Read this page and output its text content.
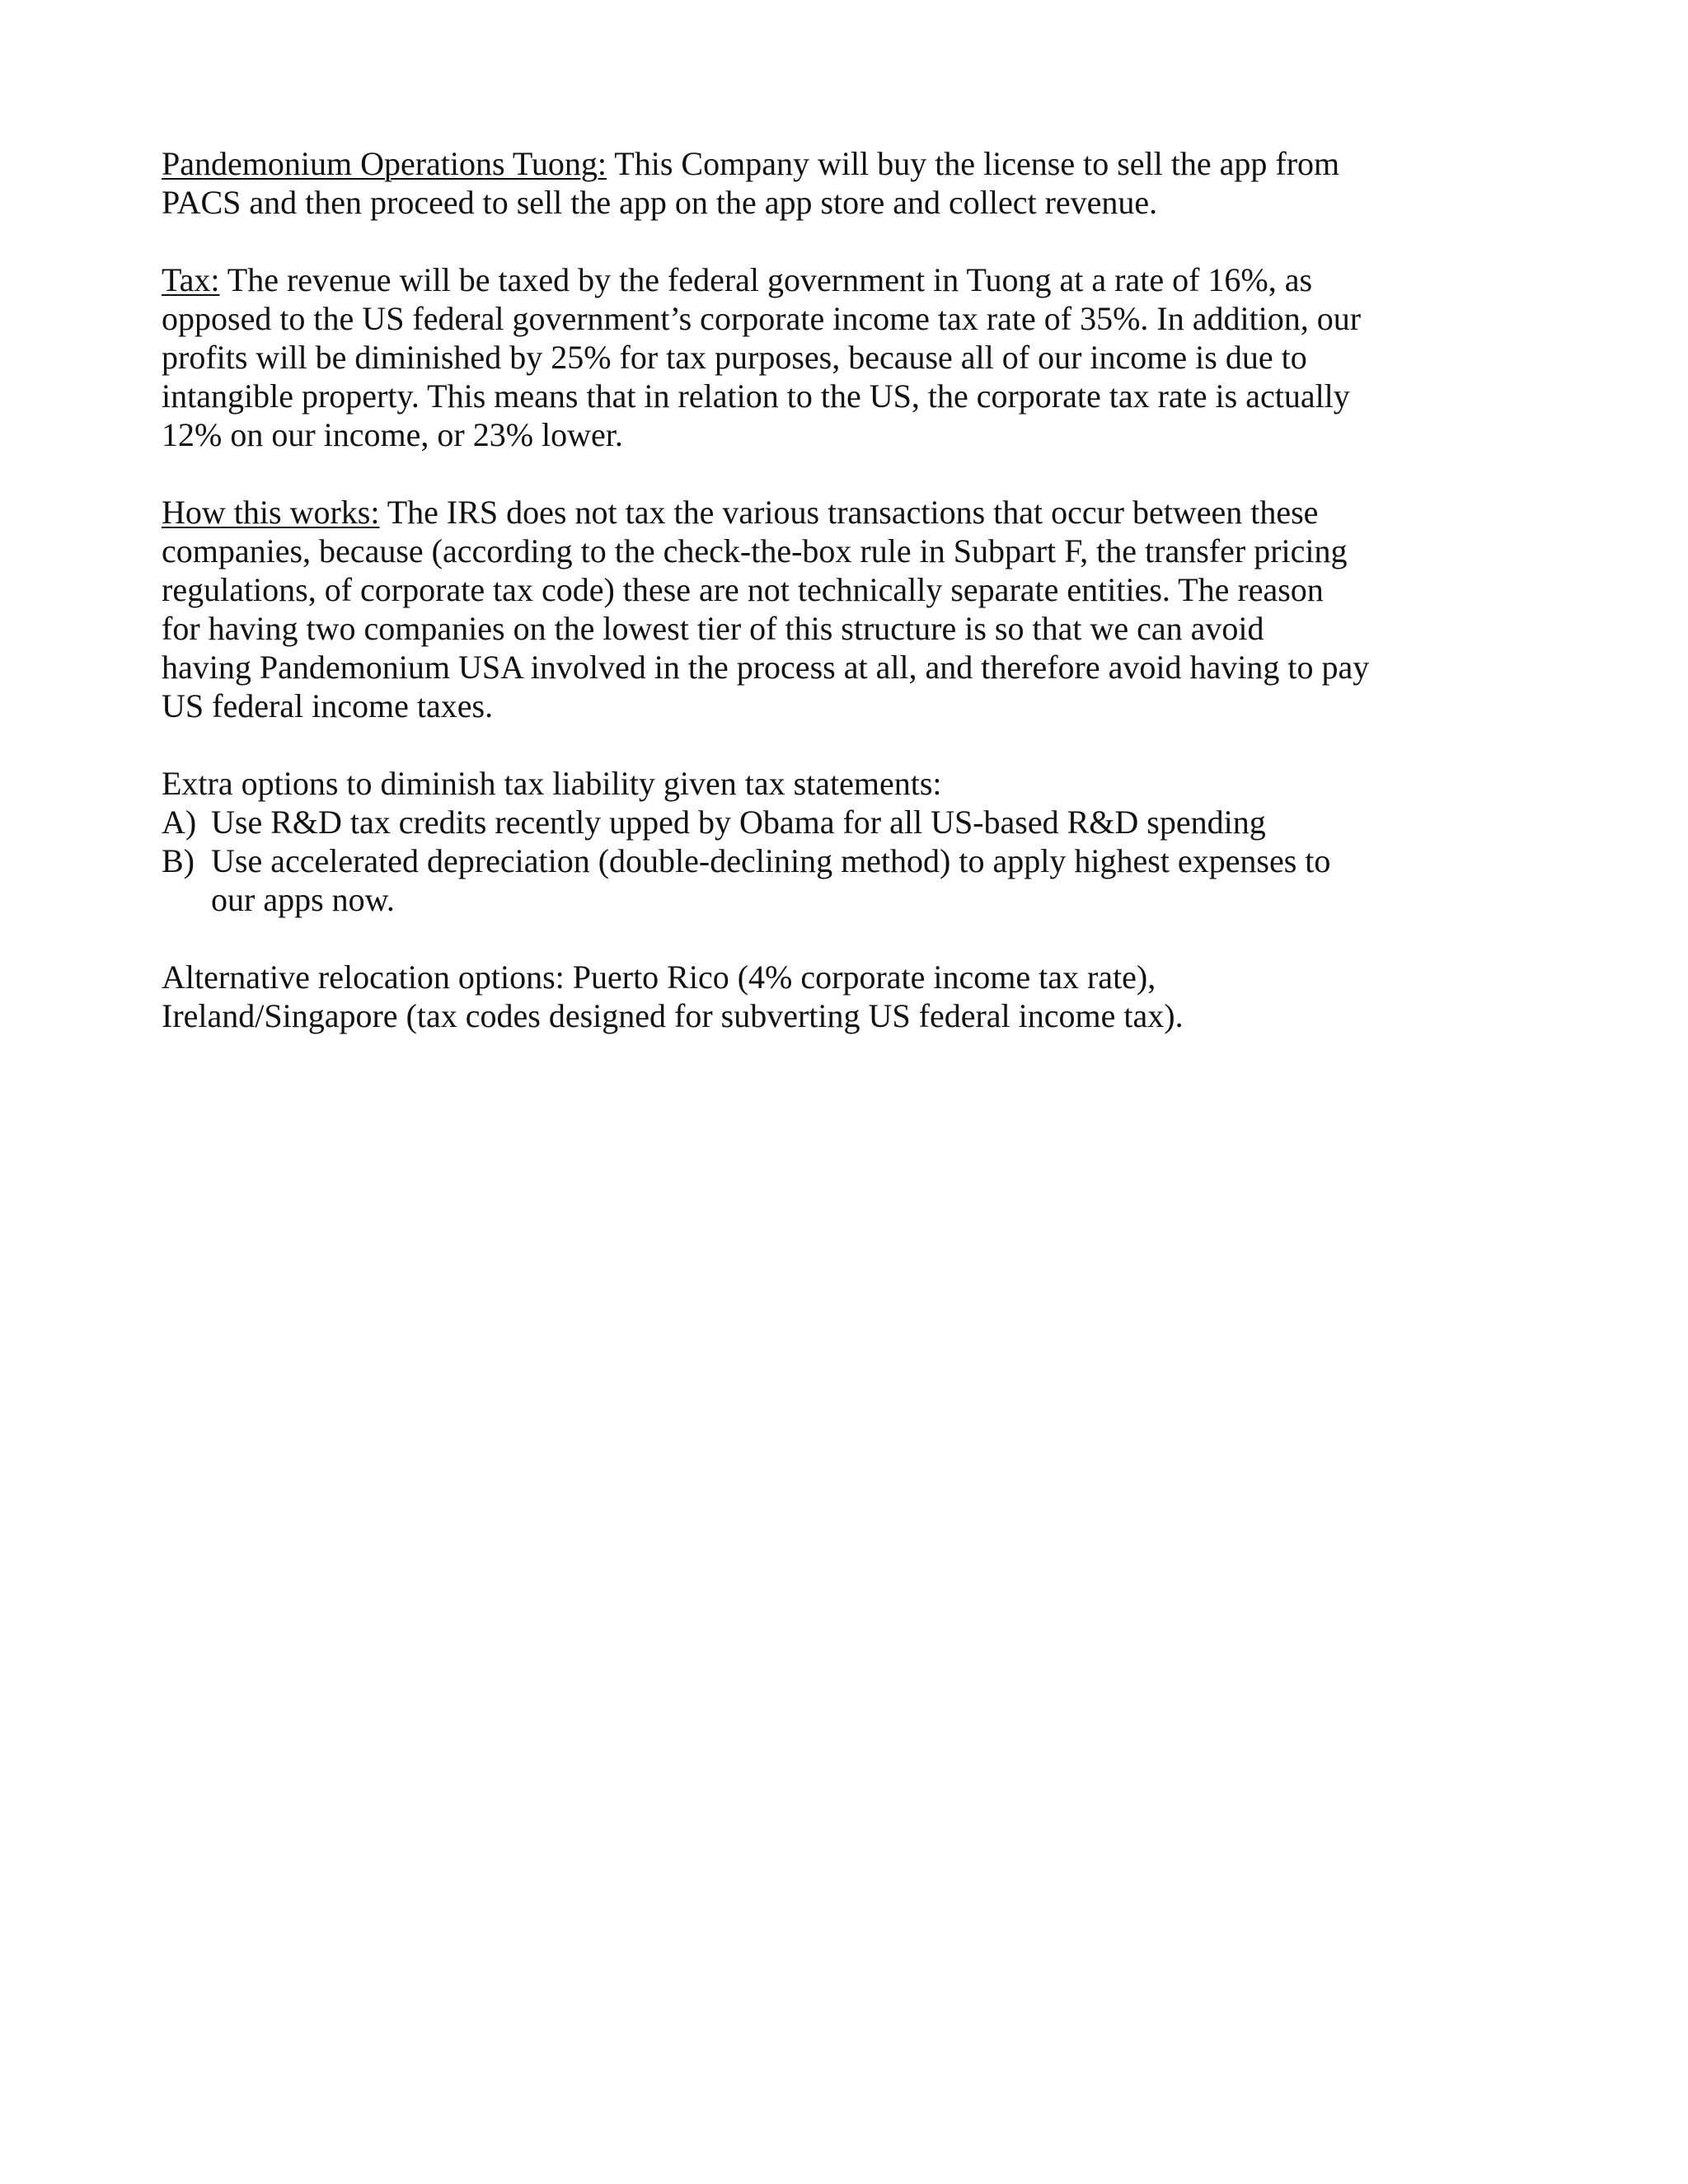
Pandemonium Operations Tuong: This Company will buy the license to sell the app from
PACS and then proceed to sell the app on the app store and collect revenue.
Tax: The revenue will be taxed by the federal government in Tuong at a rate of 16%, as
opposed to the US federal government’s corporate income tax rate of 35%. In addition, our
profits will be diminished by 25% for tax purposes, because all of our income is due to
intangible property. This means that in relation to the US, the corporate tax rate is actually
12% on our income, or 23% lower.
How this works: The IRS does not tax the various transactions that occur between these
companies, because (according to the check-the-box rule in Subpart F, the transfer pricing
regulations, of corporate tax code) these are not technically separate entities. The reason
for having two companies on the lowest tier of this structure is so that we can avoid
having Pandemonium USA involved in the process at all, and therefore avoid having to pay
US federal income taxes.
Extra options to diminish tax liability given tax statements:
A) Use R&D tax credits recently upped by Obama for all US-based R&D spending
B) Use accelerated depreciation (double-declining method) to apply highest expenses to
our apps now.
Alternative relocation options: Puerto Rico (4% corporate income tax rate),
Ireland/Singapore (tax codes designed for subverting US federal income tax).
